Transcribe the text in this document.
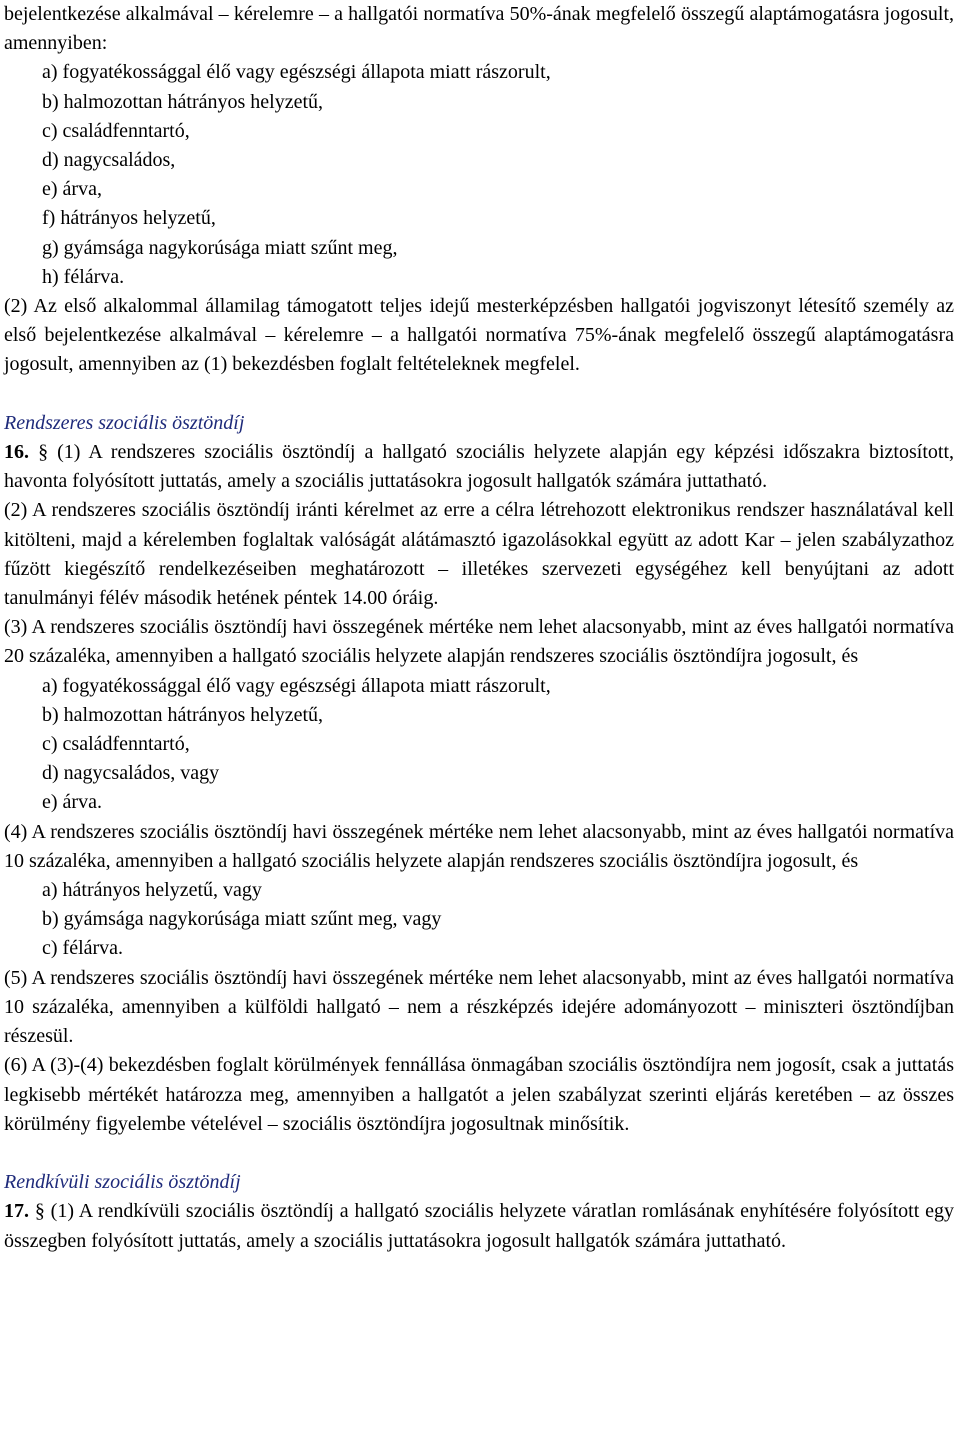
bejelentkezése alkalmával – kérelemre – a hallgatói normatíva 50%-ának megfelelő összegű alaptámogatásra jogosult, amennyiben:

a) fogyatékossággal élő vagy egészségi állapota miatt rászorult,
b) halmozottan hátrányos helyzetű,
c) családfenntartó,
d) nagycsaládos,
e) árva,
f) hátrányos helyzetű,
g) gyámsága nagykorúsága miatt szűnt meg,
h) félárva.

(2) Az első alkalommal államilag támogatott teljes idejű mesterképzésben hallgatói jogviszonyt létesítő személy az első bejelentkezése alkalmával – kérelemre – a hallgatói normatíva 75%-ának megfelelő összegű alaptámogatásra jogosult, amennyiben az (1) bekezdésben foglalt feltételeknek megfelel.

Rendszeres szociális ösztöndíj

16. § (1) A rendszeres szociális ösztöndíj a hallgató szociális helyzete alapján egy képzési időszakra biztosított, havonta folyósított juttatás, amely a szociális juttatásokra jogosult hallgatók számára juttatható.

(2) A rendszeres szociális ösztöndíj iránti kérelmet az erre a célra létrehozott elektronikus rendszer használatával kell kitölteni, majd a kérelemben foglaltak valóságát alátámasztó igazolásokkal együtt az adott Kar – jelen szabályzathoz fűzött kiegészítő rendelkezéseiben meghatározott – illetékes szervezeti egységéhez kell benyújtani az adott tanulmányi félév második hetének péntek 14.00 óráig.

(3) A rendszeres szociális ösztöndíj havi összegének mértéke nem lehet alacsonyabb, mint az éves hallgatói normatíva 20 százaléka, amennyiben a hallgató szociális helyzete alapján rendszeres szociális ösztöndíjra jogosult, és

a) fogyatékossággal élő vagy egészségi állapota miatt rászorult,
b) halmozottan hátrányos helyzetű,
c) családfenntartó,
d) nagycsaládos, vagy
e) árva.

(4) A rendszeres szociális ösztöndíj havi összegének mértéke nem lehet alacsonyabb, mint az éves hallgatói normatíva 10 százaléka, amennyiben a hallgató szociális helyzete alapján rendszeres szociális ösztöndíjra jogosult, és

a) hátrányos helyzetű, vagy
b) gyámsága nagykorúsága miatt szűnt meg, vagy
c) félárva.

(5) A rendszeres szociális ösztöndíj havi összegének mértéke nem lehet alacsonyabb, mint az éves hallgatói normatíva 10 százaléka, amennyiben a külföldi hallgató – nem a részképzés idejére adományozott – miniszteri ösztöndíjban részesül.

(6) A (3)-(4) bekezdésben foglalt körülmények fennállása önmagában szociális ösztöndíjra nem jogosít, csak a juttatás legkisebb mértékét határozza meg, amennyiben a hallgatót a jelen szabályzat szerinti eljárás keretében – az összes körülmény figyelembe vételével – szociális ösztöndíjra jogosultnak minősítik.

Rendkívüli szociális ösztöndíj

17. § (1) A rendkívüli szociális ösztöndíj a hallgató szociális helyzete váratlan romlásának enyhítésére folyósított egy összegben folyósított juttatás, amely a szociális juttatásokra jogosult hallgatók számára juttatható.
